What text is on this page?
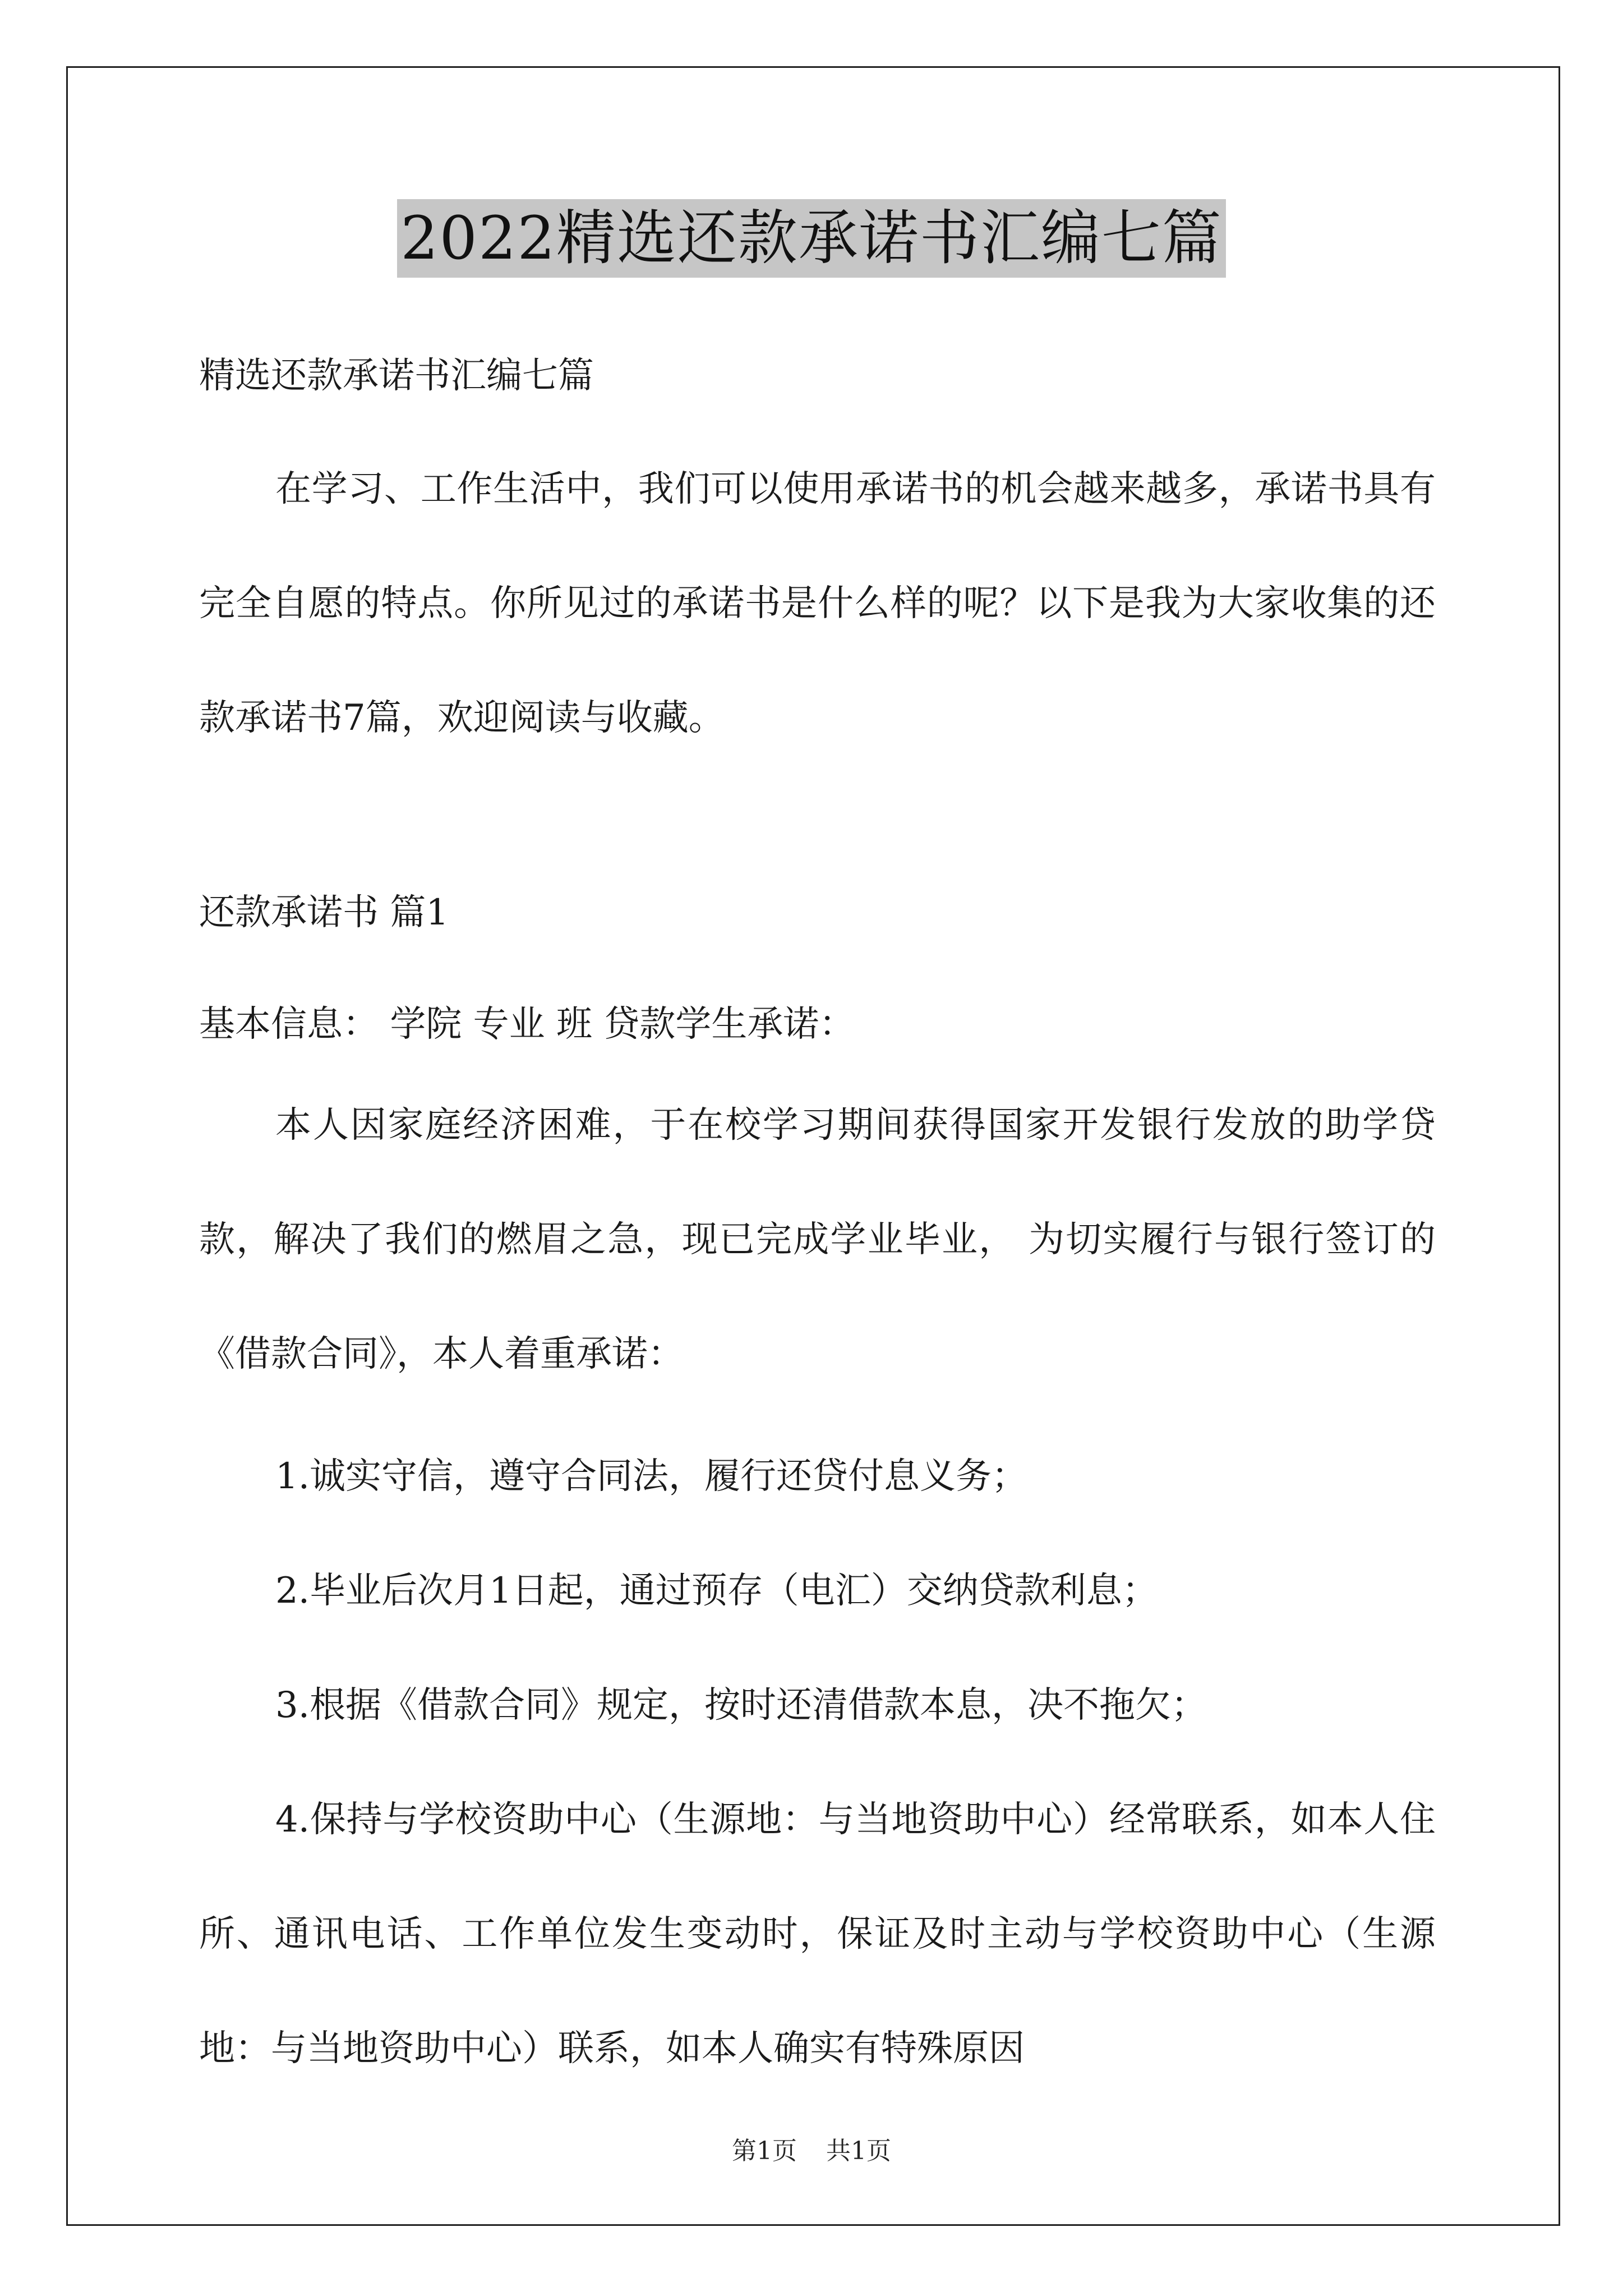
2022精选还款承诺书汇编七篇
精选还款承诺书汇编七篇
在学习、工作生活中，我们可以使用承诺书的机会越来越多，承诺书具有完全自愿的特点。你所见过的承诺书是什么样的呢？以下是我为大家收集的还款承诺书7篇，欢迎阅读与收藏。
还款承诺书 篇1
基本信息： 学院 专业 班 贷款学生承诺：
本人因家庭经济困难，于在校学习期间获得国家开发银行发放的助学贷款，解决了我们的燃眉之急，现已完成学业毕业， 为切实履行与银行签订的《借款合同》，本人着重承诺：
1.诚实守信，遵守合同法，履行还贷付息义务；
2.毕业后次月1日起，通过预存（电汇）交纳贷款利息；
3.根据《借款合同》规定，按时还清借款本息，决不拖欠；
4.保持与学校资助中心（生源地：与当地资助中心）经常联系，如本人住所、通讯电话、工作单位发生变动时，保证及时主动与学校资助中心（生源地：与当地资助中心）联系，如本人确实有特殊原因
第1页 共1页
